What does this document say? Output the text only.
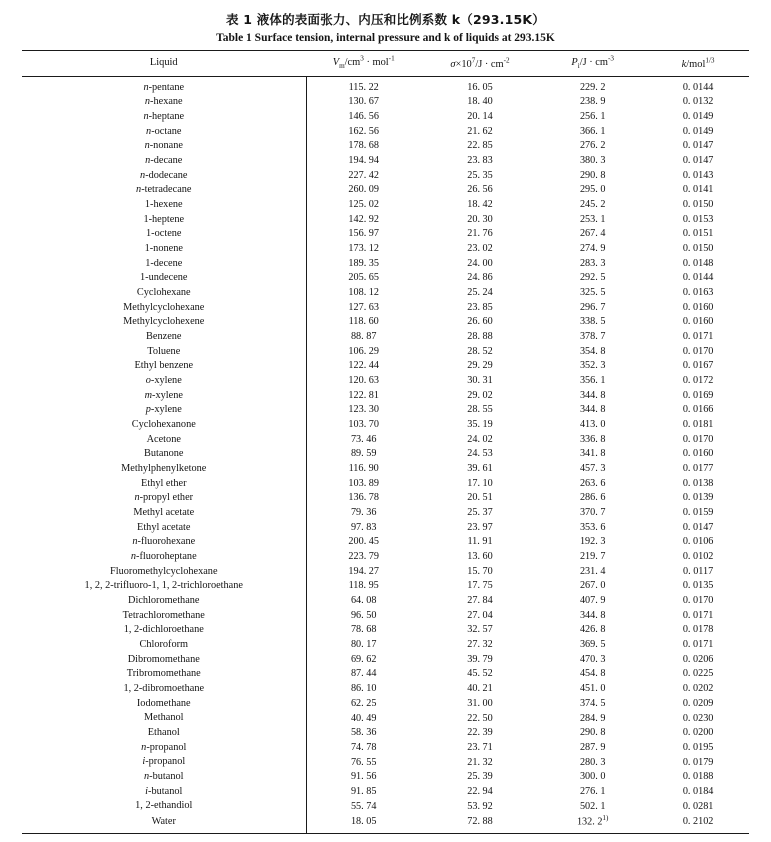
表 1 液体的表面张力、内压和比例系数 k（293.15K）
Table 1 Surface tension, internal pressure and k of liquids at 293.15K
Liquid	$V_m/cm^3 \cdot mol^{-1}$	$\sigma\times 10^7/J \cdot cm^{-2}$	$P_i/J \cdot cm^{-3}$	k/mol$^{1/3}$
n-pentane	115. 22	16. 05	229. 2	0. 0144
n-hexane	130. 67	18. 40	238. 9	0. 0132
n-heptane	146. 56	20. 14	256. 1	0. 0149
n-octane	162. 56	21. 62	366. 1	0. 0149
n-nonane	178. 68	22. 85	276. 2	0. 0147
n-decane	194. 94	23. 83	380. 3	0. 0147
n-dodecane	227. 42	25. 35	290. 8	0. 0143
n-tetradecane	260. 09	26. 56	295. 0	0. 0141
1-hexene	125. 02	18. 42	245. 2	0. 0150
1-heptene	142. 92	20. 30	253. 1	0. 0153
1-octene	156. 97	21. 76	267. 4	0. 0151
1-nonene	173. 12	23. 02	274. 9	0. 0150
1-decene	189. 35	24. 00	283. 3	0. 0148
1-undecene	205. 65	24. 86	292. 5	0. 0144
Cyclohexane	108. 12	25. 24	325. 5	0. 0163
Methylcyclohexane	127. 63	23. 85	296. 7	0. 0160
Methylcyclohexene	118. 60	26. 60	338. 5	0. 0160
Benzene	88. 87	28. 88	378. 7	0. 0171
Toluene	106. 29	28. 52	354. 8	0. 0170
Ethyl benzene	122. 44	29. 29	352. 3	0. 0167
o-xylene	120. 63	30. 31	356. 1	0. 0172
m-xylene	122. 81	29. 02	344. 8	0. 0169
p-xylene	123. 30	28. 55	344. 8	0. 0166
Cyclohexanone	103. 70	35. 19	413. 0	0. 0181
Acetone	73. 46	24. 02	336. 8	0. 0170
Butanone	89. 59	24. 53	341. 8	0. 0160
Methylphenylketone	116. 90	39. 61	457. 3	0. 0177
Ethyl ether	103. 89	17. 10	263. 6	0. 0138
n-propyl ether	136. 78	20. 51	286. 6	0. 0139
Methyl acetate	79. 36	25. 37	370. 7	0. 0159
Ethyl acetate	97. 83	23. 97	353. 6	0. 0147
n-fluorohexane	200. 45	11. 91	192. 3	0. 0106
n-fluoroheptane	223. 79	13. 60	219. 7	0. 0102
Fluoromethylcyclohexane	194. 27	15. 70	231. 4	0. 0117
1, 2, 2-trifluoro-1, 1, 2-trichloroethane	118. 95	17. 75	267. 0	0. 0135
Dichloromethane	64. 08	27. 84	407. 9	0. 0170
Tetrachloromethane	96. 50	27. 04	344. 8	0. 0171
1, 2-dichloroethane	78. 68	32. 57	426. 8	0. 0178
Chloroform	80. 17	27. 32	369. 5	0. 0171
Dibromomethane	69. 62	39. 79	470. 3	0. 0206
Tribromomethane	87. 44	45. 52	454. 8	0. 0225
1, 2-dibromoethane	86. 10	40. 21	451. 0	0. 0202
Iodomethane	62. 25	31. 00	374. 5	0. 0209
Methanol	40. 49	22. 50	284. 9	0. 0230
Ethanol	58. 36	22. 39	290. 8	0. 0200
n-propanol	74. 78	23. 71	287. 9	0. 0195
i-propanol	76. 55	21. 32	280. 3	0. 0179
n-butanol	91. 56	25. 39	300. 0	0. 0188
i-butanol	91. 85	22. 94	276. 1	0. 0184
1, 2-ethandiol	55. 74	53. 92	502. 1	0. 0281
Water	18. 05	72. 88	132. 2$^{1)}$	0. 2102
